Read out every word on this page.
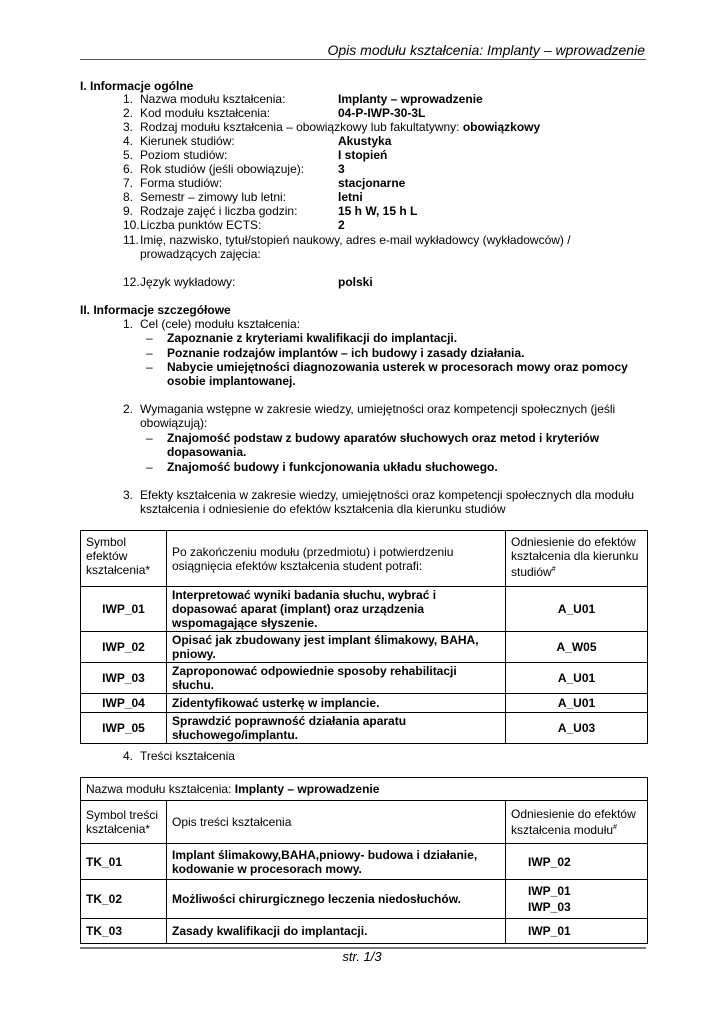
Opis modułu kształcenia: Implanty – wprowadzenie
I. Informacje ogólne
1. Nazwa modułu kształcenia:	Implanty – wprowadzenie
2. Kod modułu kształcenia:	04-P-IWP-30-3L
3. Rodzaj modułu kształcenia – obowiązkowy lub fakultatywny: obowiązkowy
4. Kierunek studiów:	Akustyka
5. Poziom studiów:	I stopień
6. Rok studiów (jeśli obowiązuje):	3
7. Forma studiów:	stacjonarne
8. Semestr – zimowy lub letni:	letni
9. Rodzaje zajęć i liczba godzin:	15 h W, 15 h L
10. Liczba punktów ECTS:	2
11. Imię, nazwisko, tytuł/stopień naukowy, adres e-mail wykładowcy (wykładowców) /
prowadzących zajęcia:
12. Język wykładowy:	polski
II. Informacje szczegółowe
1. Cel (cele) modułu kształcenia:
– Zapoznanie z kryteriami kwalifikacji do implantacji.
– Poznanie rodzajów implantów – ich budowy i zasady działania.
– Nabycie umiejętności diagnozowania usterek w procesorach mowy oraz pomocy
osobie implantowanej.
2. Wymagania wstępne w zakresie wiedzy, umiejętności oraz kompetencji społecznych (jeśli
obowiązują):
– Znajomość podstaw z budowy aparatów słuchowych oraz metod i kryteriów
dopasowania.
– Znajomość budowy i funkcjonowania układu słuchowego.
3. Efekty kształcenia w zakresie wiedzy, umiejętności oraz kompetencji społecznych dla modułu
kształcenia i odniesienie do efektów kształcenia dla kierunku studiów
Symbol efektów kształcenia*	Po zakończeniu modułu (przedmiotu) i potwierdzeniu osiągnięcia efektów kształcenia student potrafi:	Odniesienie do efektów kształcenia dla kierunku studiów#
IWP_01	Interpretować wyniki badania słuchu, wybrać i dopasować aparat (implant) oraz urządzenia wspomagające słyszenie.	A_U01
IWP_02	Opisać jak zbudowany jest implant ślimakowy, BAHA, pniowy.	A_W05
IWP_03	Zaproponować odpowiednie sposoby rehabilitacji słuchu.	A_U01
IWP_04	Zidentyfikować usterkę w implancie.	A_U01
IWP_05	Sprawdzić poprawność działania aparatu słuchowego/implantu.	A_U03
4. Treści kształcenia
Nazwa modułu kształcenia: Implanty – wprowadzenie		
Symbol treści kształcenia*	Opis treści kształcenia	Odniesienie do efektów kształcenia modułu#
TK_01	Implant ślimakowy,BAHA,pniowy- budowa i działanie, kodowanie w procesorach mowy.	IWP_02

TK_02	Możliwości chirurgicznego leczenia niedosłuchów.	IWP_01
IWP_03

TK_03	Zasady kwalifikacji do implantacji.	IWP_01
str. 1/3
